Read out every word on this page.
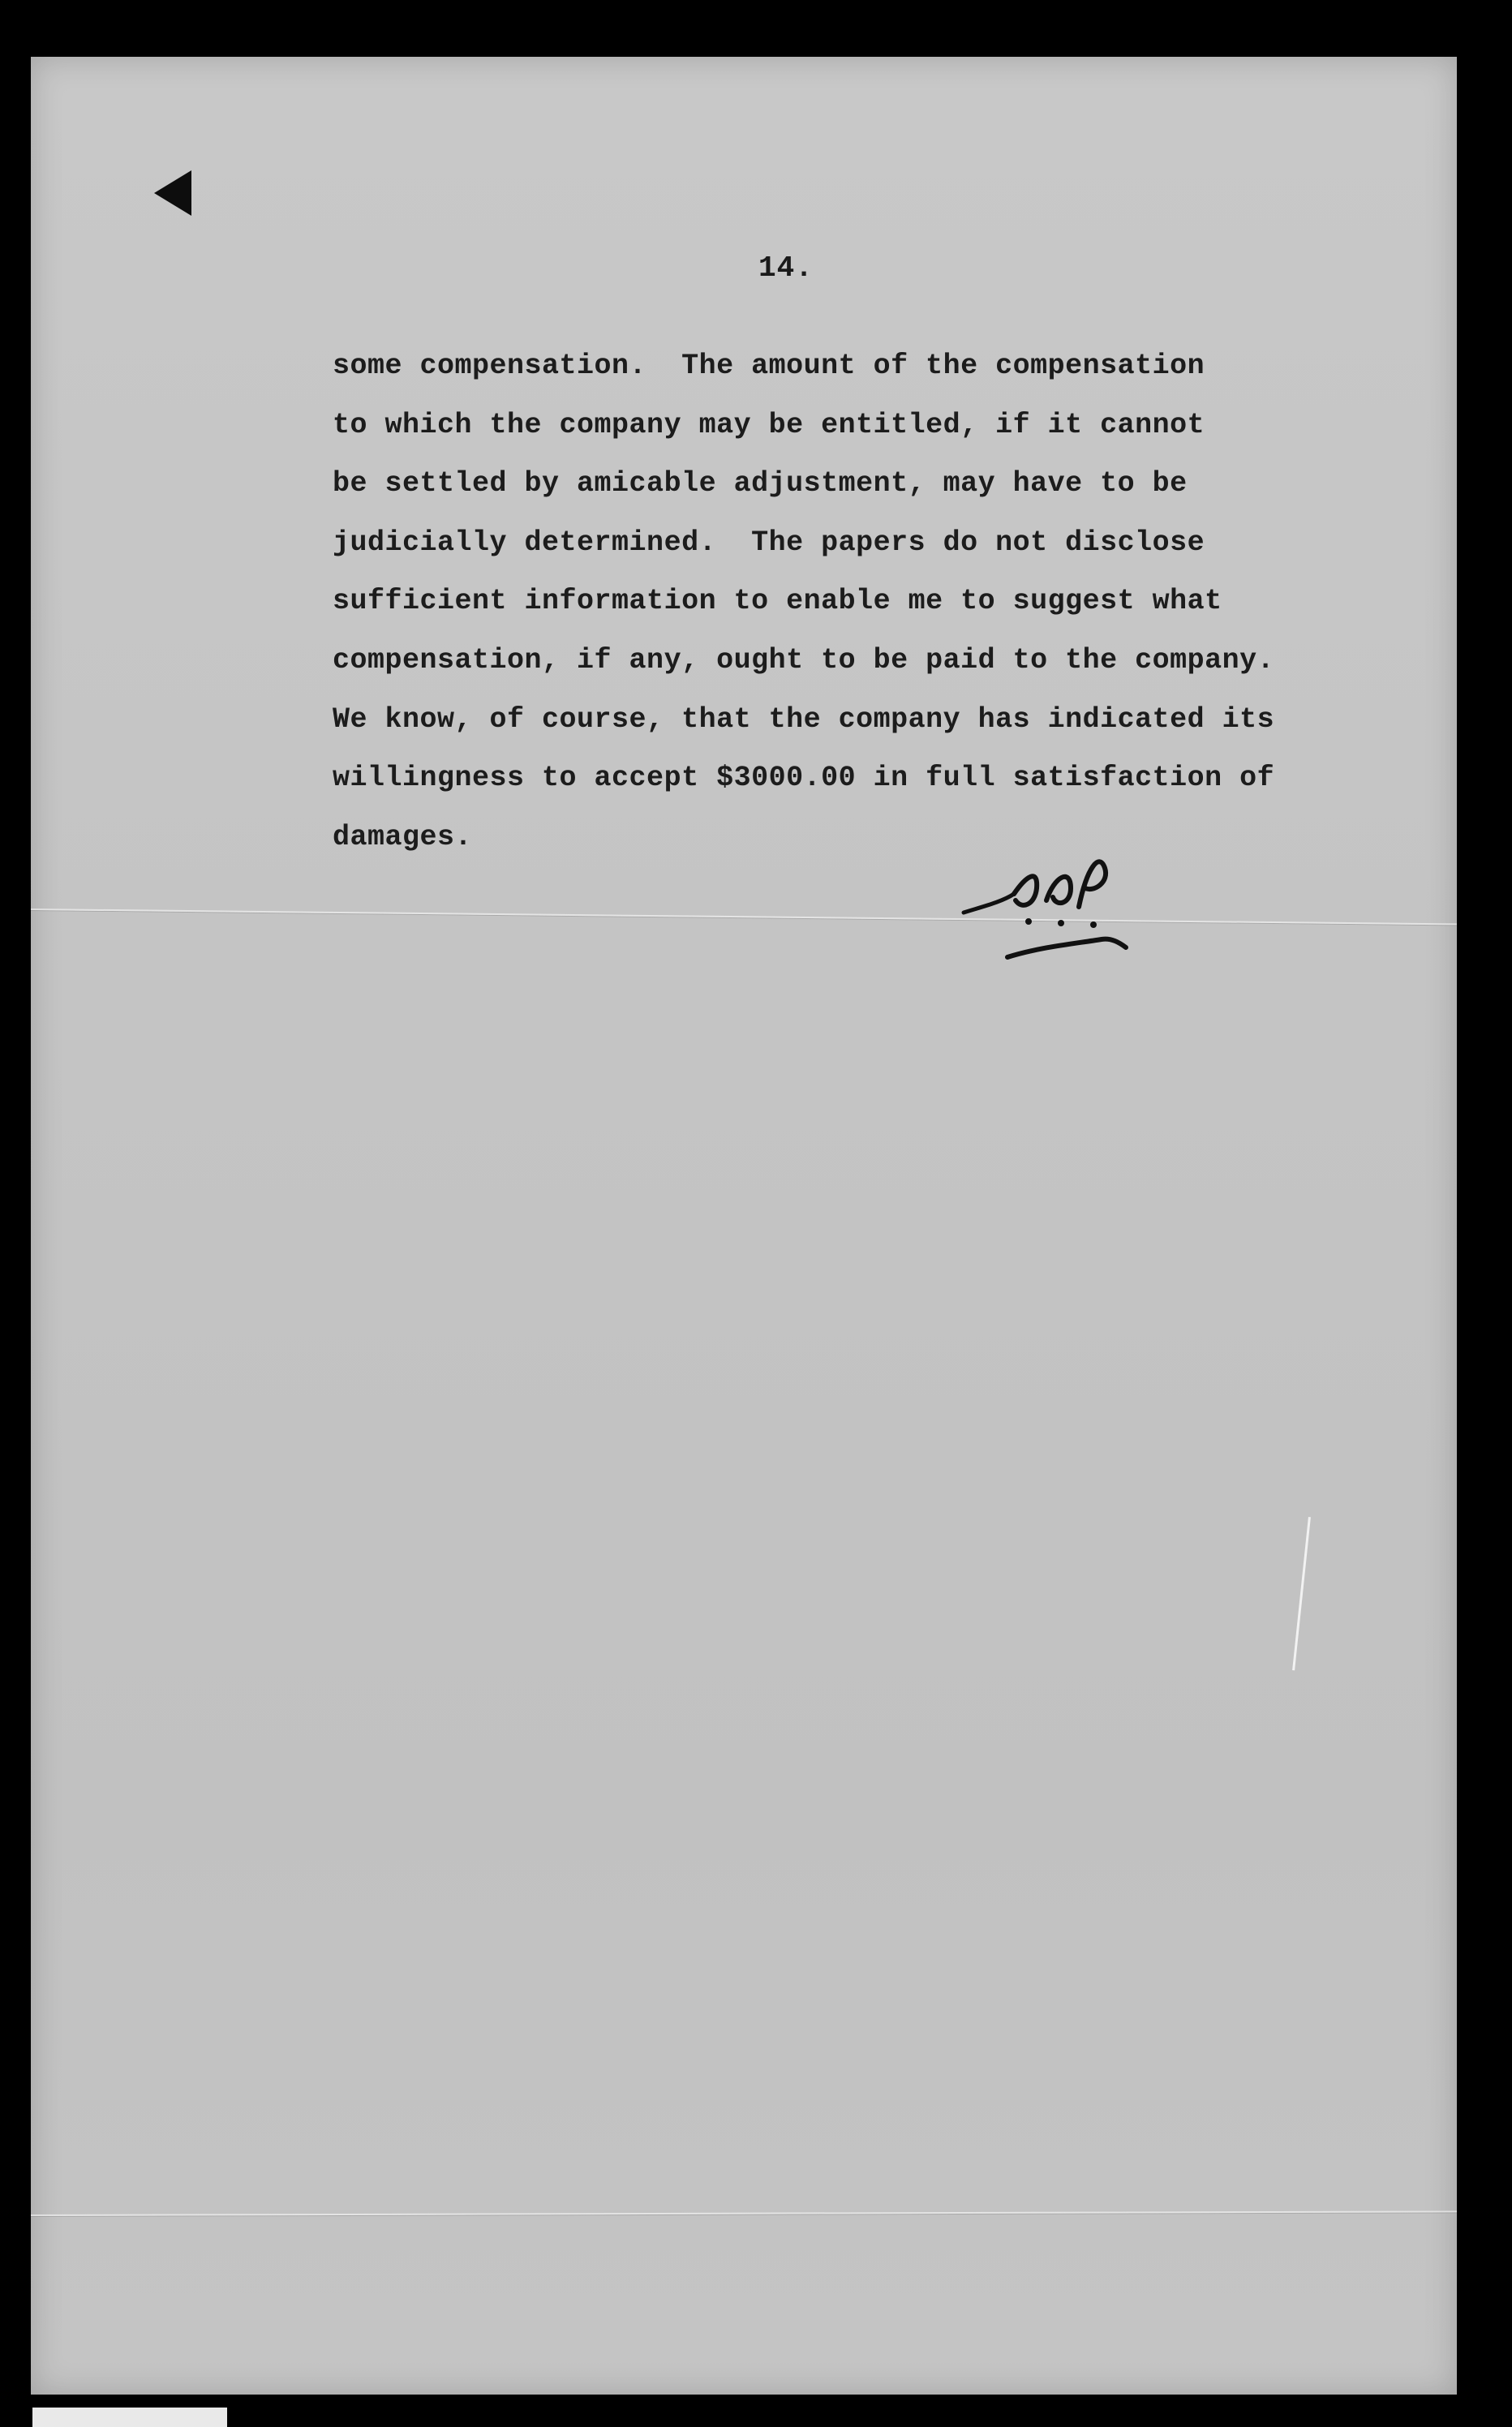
14.
some compensation.  The amount of the compensation
to which the company may be entitled, if it cannot
be settled by amicable adjustment, may have to be
judicially determined.  The papers do not disclose
sufficient information to enable me to suggest what
compensation, if any, ought to be paid to the company.
We know, of course, that the company has indicated its
willingness to accept $3000.00 in full satisfaction of
damages.
